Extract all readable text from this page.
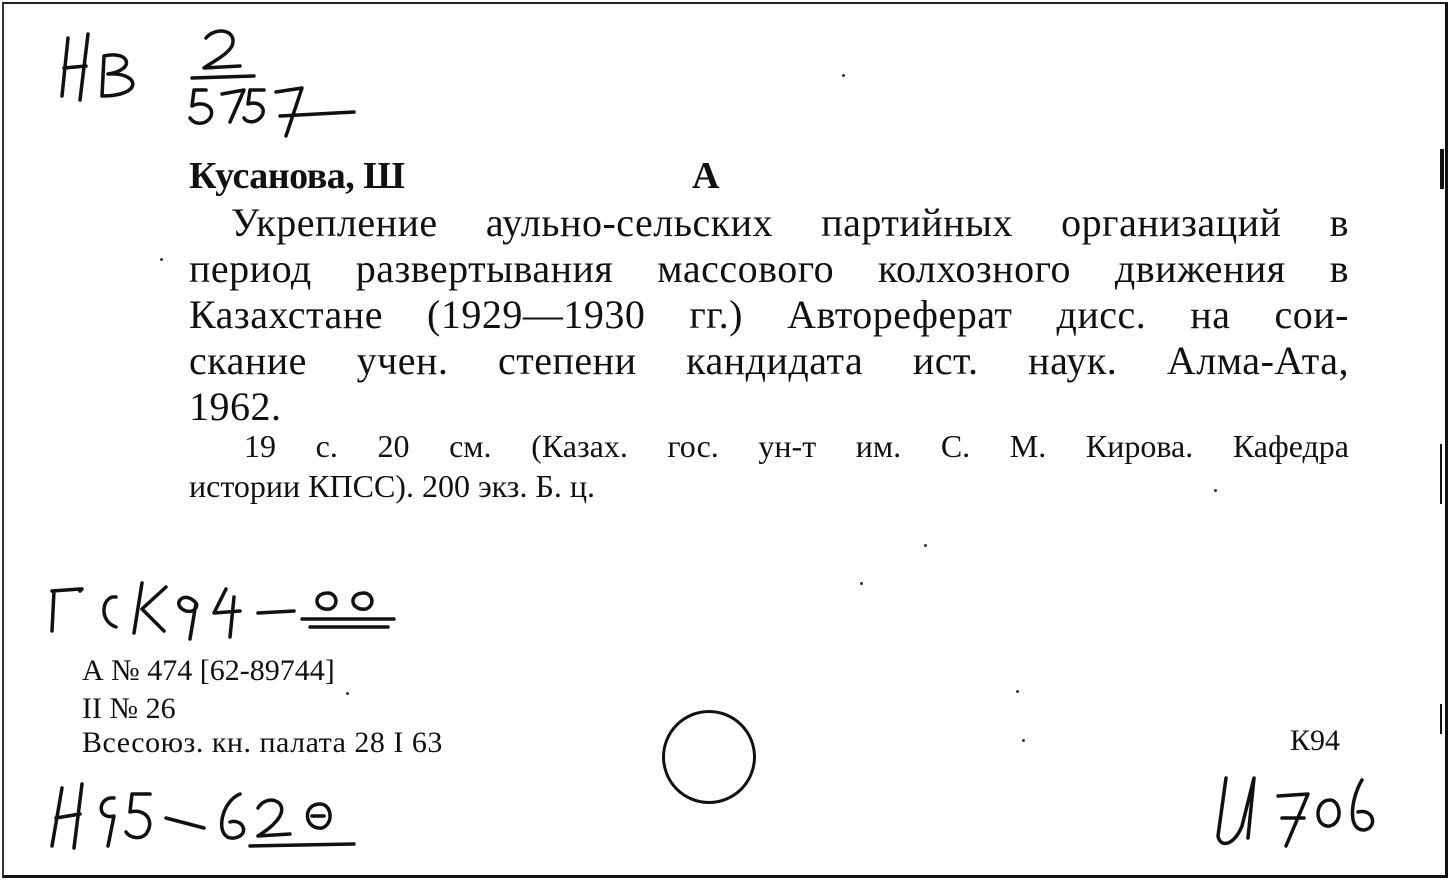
Кусанова, Ш	А
Укрепление аульно-сельских партийных организаций в
период развертывания массового колхозного движения в
Казахстане (1929—1930 гг.) Автореферат дисс. на сои-
скание учен. степени кандидата ист. наук. Алма-Ата,
1962.
19 с. 20 см. (Казах. гос. ун-т им. С. М. Кирова. Кафедра
истории КПСС). 200 экз. Б. ц.
А № 474 [62-89744]
II № 26
Всесоюз. кн. палата 28 I 63	К94
